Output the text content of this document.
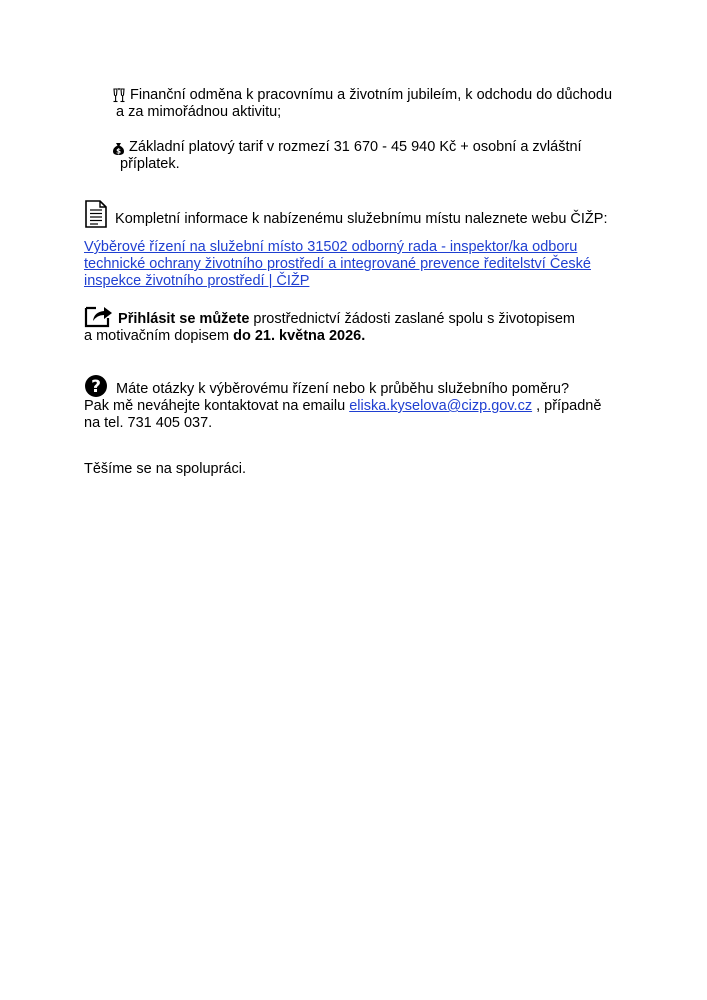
Finanční odměna k pracovnímu a životním jubileím, k odchodu do důchodu
a za mimořádnou aktivitu;
$ Základní platový tarif v rozmezí 31 670 - 45 940 Kč + osobní a zvláštní
příplatek.
Kompletní informace k nabízenému služebnímu místu naleznete webu ČIŽP:
Výběrové řízení na služební místo 31502 odborný rada - inspektor/ka odboru
technické ochrany životního prostředí a integrované prevence ředitelství České
inspekce životního prostředí | ČIŽP
Přihlásit se můžete prostřednictví žádosti zaslané spolu s životopisem
a motivačním dopisem do 21. května 2026.
? Máte otázky k výběrovému řízení nebo k průběhu služebního poměru?
Pak mě neváhejte kontaktovat na emailu eliska.kyselova@cizp.gov.cz , případně
na tel. 731 405 037.
Těšíme se na spolupráci.
